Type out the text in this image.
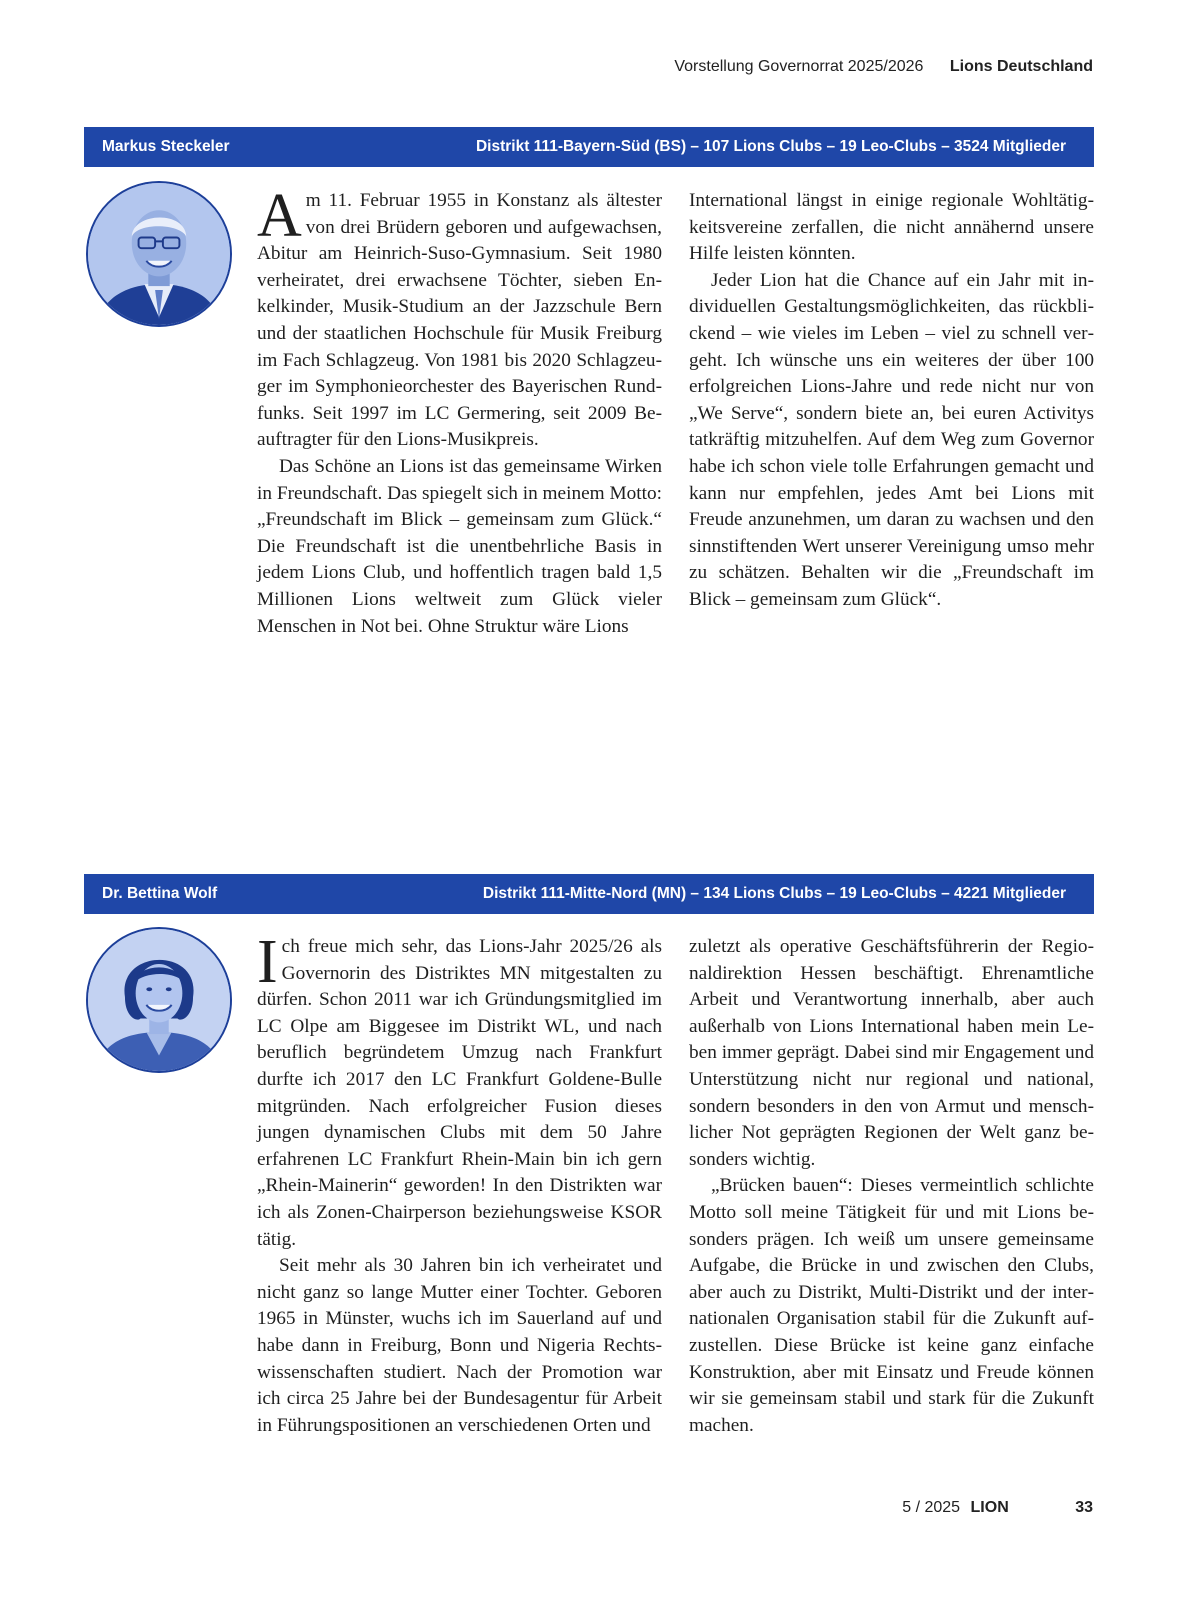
Vorstellung Governorrat 2025/2026 Lions Deutschland
Markus Steckeler	Distrikt 111-Bayern-Süd (BS) – 107 Lions Clubs – 19 Leo-Clubs – 3524 Mitglieder

Am 11. Februar 1955 in Konstanz als ältester von drei Brüdern geboren und aufgewachsen, Abitur am Heinrich-Suso-Gymnasium. Seit 1980 verheiratet, drei erwachsene Töchter, sieben Enkelkinder, Musik-Studium an der Jazzschule Bern und der staatlichen Hochschule für Musik Freiburg im Fach Schlagzeug. Von 1981 bis 2020 Schlagzeuger im Symphonieorchester des Bayerischen Rundfunks. Seit 1997 im LC Germering, seit 2009 Beauftragter für den Lions-Musikpreis.

Das Schöne an Lions ist das gemeinsame Wirken in Freundschaft. Das spiegelt sich in meinem Motto: „Freundschaft im Blick – gemeinsam zum Glück.“ Die Freundschaft ist die unentbehrliche Basis in jedem Lions Club, und hoffentlich tragen bald 1,5 Millionen Lions weltweit zum Glück vieler Menschen in Not bei. Ohne Struktur wäre Lions

International längst in einige regionale Wohltätigkeitsvereine zerfallen, die nicht annähernd unsere Hilfe leisten könnten.

Jeder Lion hat die Chance auf ein Jahr mit individuellen Gestaltungsmöglichkeiten, das rückblickend – wie vieles im Leben – viel zu schnell vergeht. Ich wünsche uns ein weiteres der über 100 erfolgreichen Lions-Jahre und rede nicht nur von „We Serve“, sondern biete an, bei euren Activitys tatkräftig mitzuhelfen. Auf dem Weg zum Governor habe ich schon viele tolle Erfahrungen gemacht und kann nur empfehlen, jedes Amt bei Lions mit Freude anzunehmen, um daran zu wachsen und den sinnstiftenden Wert unserer Vereinigung umso mehr zu schätzen. Behalten wir die „Freundschaft im Blick – gemeinsam zum Glück“.

Dr. Bettina Wolf	Distrikt 111-Mitte-Nord (MN) – 134 Lions Clubs – 19 Leo-Clubs – 4221 Mitglieder

Ich freue mich sehr, das Lions-Jahr 2025/26 als Governorin des Distriktes MN mitgestalten zu dürfen. Schon 2011 war ich Gründungsmitglied im LC Olpe am Biggesee im Distrikt WL, und nach beruflich begründetem Umzug nach Frankfurt durfte ich 2017 den LC Frankfurt Goldene-Bulle mitgründen. Nach erfolgreicher Fusion dieses jungen dynamischen Clubs mit dem 50 Jahre erfahrenen LC Frankfurt Rhein-Main bin ich gern „Rhein-Mainerin“ geworden! In den Distrikten war ich als Zonen-Chairperson beziehungsweise KSOR tätig.

Seit mehr als 30 Jahren bin ich verheiratet und nicht ganz so lange Mutter einer Tochter. Geboren 1965 in Münster, wuchs ich im Sauerland auf und habe dann in Freiburg, Bonn und Nigeria Rechtswissenschaften studiert. Nach der Promotion war ich circa 25 Jahre bei der Bundesagentur für Arbeit in Führungspositionen an verschiedenen Orten und

zuletzt als operative Geschäftsführerin der Regionaldirektion Hessen beschäftigt. Ehrenamtliche Arbeit und Verantwortung innerhalb, aber auch außerhalb von Lions International haben mein Leben immer geprägt. Dabei sind mir Engagement und Unterstützung nicht nur regional und national, sondern besonders in den von Armut und menschlicher Not geprägten Regionen der Welt ganz besonders wichtig.

„Brücken bauen“: Dieses vermeintlich schlichte Motto soll meine Tätigkeit für und mit Lions besonders prägen. Ich weiß um unsere gemeinsame Aufgabe, die Brücke in und zwischen den Clubs, aber auch zu Distrikt, Multi-Distrikt und der internationalen Organisation stabil für die Zukunft aufzustellen. Diese Brücke ist keine ganz einfache Konstruktion, aber mit Einsatz und Freude können wir sie gemeinsam stabil und stark für die Zukunft machen.

5 / 2025 LION	33
